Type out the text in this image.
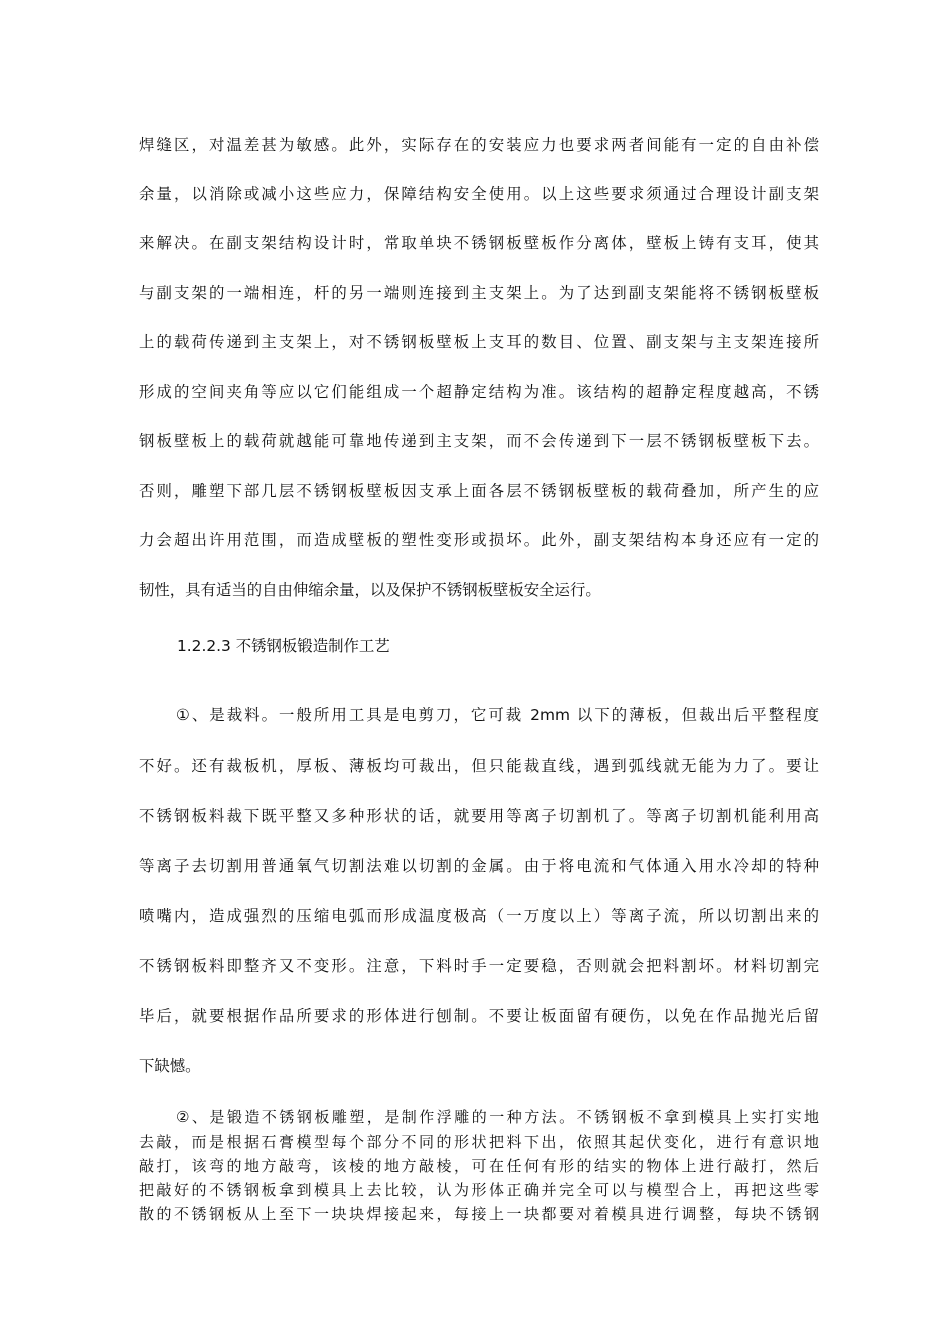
焊缝区，对温差甚为敏感。此外，实际存在的安装应力也要求两者间能有一定的自由补偿
余量，以消除或减小这些应力，保障结构安全使用。以上这些要求须通过合理设计副支架
来解决。在副支架结构设计时，常取单块不锈钢板壁板作分离体，壁板上铸有支耳，使其
与副支架的一端相连，杆的另一端则连接到主支架上。为了达到副支架能将不锈钢板壁板
上的载荷传递到主支架上，对不锈钢板壁板上支耳的数目、位置、副支架与主支架连接所
形成的空间夹角等应以它们能组成一个超静定结构为准。该结构的超静定程度越高，不锈
钢板壁板上的载荷就越能可靠地传递到主支架，而不会传递到下一层不锈钢板壁板下去。
否则，雕塑下部几层不锈钢板壁板因支承上面各层不锈钢板壁板的载荷叠加，所产生的应
力会超出许用范围，而造成壁板的塑性变形或损坏。此外，副支架结构本身还应有一定的
韧性，具有适当的自由伸缩余量，以及保护不锈钢板壁板安全运行。
1.2.2.3 不锈钢板锻造制作工艺
①、是裁料。一般所用工具是电剪刀，它可裁 2mm 以下的薄板，但裁出后平整程度
不好。还有裁板机，厚板、薄板均可裁出，但只能裁直线，遇到弧线就无能为力了。要让
不锈钢板料裁下既平整又多种形状的话，就要用等离子切割机了。等离子切割机能利用高
等离子去切割用普通氧气切割法难以切割的金属。由于将电流和气体通入用水冷却的特种
喷嘴内，造成强烈的压缩电弧而形成温度极高（一万度以上）等离子流，所以切割出来的
不锈钢板料即整齐又不变形。注意，下料时手一定要稳，否则就会把料割坏。材料切割完
毕后，就要根据作品所要求的形体进行刨制。不要让板面留有硬伤，以免在作品抛光后留
下缺憾。
②、是锻造不锈钢板雕塑，是制作浮雕的一种方法。不锈钢板不拿到模具上实打实地
去敲，而是根据石膏模型每个部分不同的形状把料下出，依照其起伏变化，进行有意识地
敲打，该弯的地方敲弯，该棱的地方敲棱，可在任何有形的结实的物体上进行敲打，然后
把敲好的不锈钢板拿到模具上去比较，认为形体正确并完全可以与模型合上，再把这些零
散的不锈钢板从上至下一块块焊接起来，每接上一块都要对着模具进行调整，每块不锈钢
